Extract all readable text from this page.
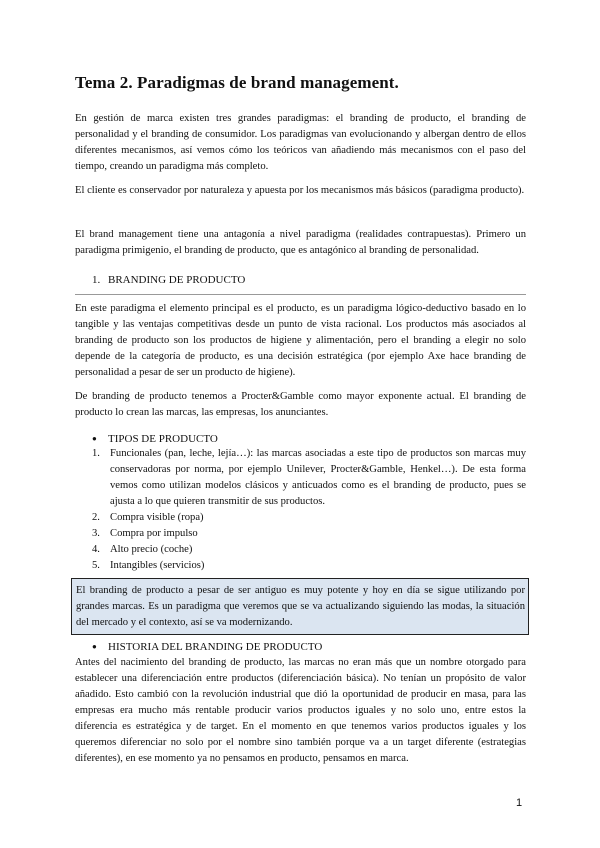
Tema 2. Paradigmas de brand management.

En gestión de marca existen tres grandes paradigmas: el branding de producto, el branding de personalidad y el branding de consumidor. Los paradigmas van evolucionando y albergan dentro de ellos diferentes mecanismos, así vemos cómo los teóricos van añadiendo más mecanismos con el paso del tiempo, creando un paradigma más completo.

El cliente es conservador por naturaleza y apuesta por los mecanismos más básicos (paradigma producto).

El brand management tiene una antagonía a nivel paradigma (realidades contrapuestas). Primero un paradigma primigenio, el branding de producto, que es antagónico al branding de personalidad.

1. BRANDING DE PRODUCTO

En este paradigma el elemento principal es el producto, es un paradigma lógico-deductivo basado en lo tangible y las ventajas competitivas desde un punto de vista racional. Los productos más asociados al branding de producto son los productos de higiene y alimentación, pero el branding a elegir no solo depende de la categoría de producto, es una decisión estratégica (por ejemplo Axe hace branding de personalidad a pesar de ser un producto de higiene).

De branding de producto tenemos a Procter&Gamble como mayor exponente actual. El branding de producto lo crean las marcas, las empresas, los anunciantes.

● TIPOS DE PRODUCTO
1. Funcionales (pan, leche, lejía…): las marcas asociadas a este tipo de productos son marcas muy conservadoras por norma, por ejemplo Unilever, Procter&Gamble, Henkel…). De esta forma vemos como utilizan modelos clásicos y anticuados como es el branding de producto, pues se ajusta a lo que quieren transmitir de sus productos.
2. Compra visible (ropa)
3. Compra por impulso
4. Alto precio (coche)
5. Intangibles (servicios)
El branding de producto a pesar de ser antiguo es muy potente y hoy en día se sigue utilizando por grandes marcas. Es un paradigma que veremos que se va actualizando siguiendo las modas, la situación del mercado y el contexto, así se va modernizando.
● HISTORIA DEL BRANDING DE PRODUCTO

Antes del nacimiento del branding de producto, las marcas no eran más que un nombre otorgado para establecer una diferenciación entre productos (diferenciación básica). No tenían un propósito de valor añadido. Esto cambió con la revolución industrial que dió la oportunidad de producir en masa, para las empresas era mucho más rentable producir varios productos iguales y no solo uno, entre estos la diferencia es estratégica y de target. En el momento en que tenemos varios productos iguales y los queremos diferenciar no solo por el nombre sino también porque va a un target diferente (estrategias diferentes), en ese momento ya no pensamos en producto, pensamos en marca.

1
